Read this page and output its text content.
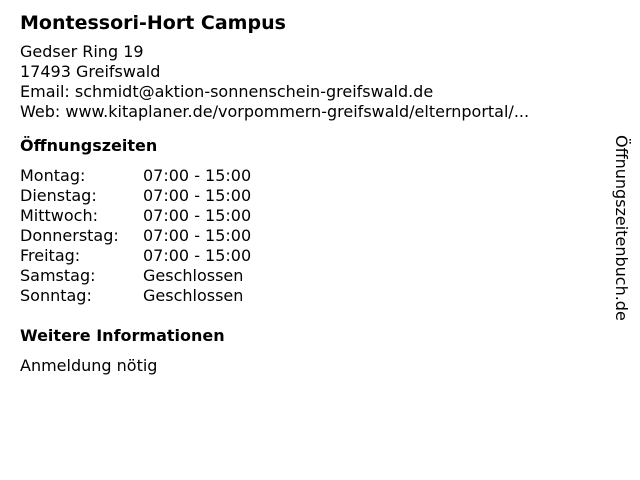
Montessori-Hort Campus
Gedser Ring 19
17493 Greifswald
Email: schmidt@aktion-sonnenschein-greifswald.de
Web: www.kitaplaner.de/vorpommern-greifswald/elternportal/...
Öffnungszeiten
Montag:	07:00 - 15:00
Dienstag:	07:00 - 15:00
Mittwoch:	07:00 - 15:00
Donnerstag:	07:00 - 15:00
Freitag:	07:00 - 15:00
Samstag:	Geschlossen
Sonntag:	Geschlossen
Weitere Informationen
Anmeldung nötig
Öffnungszeitenbuch.de
